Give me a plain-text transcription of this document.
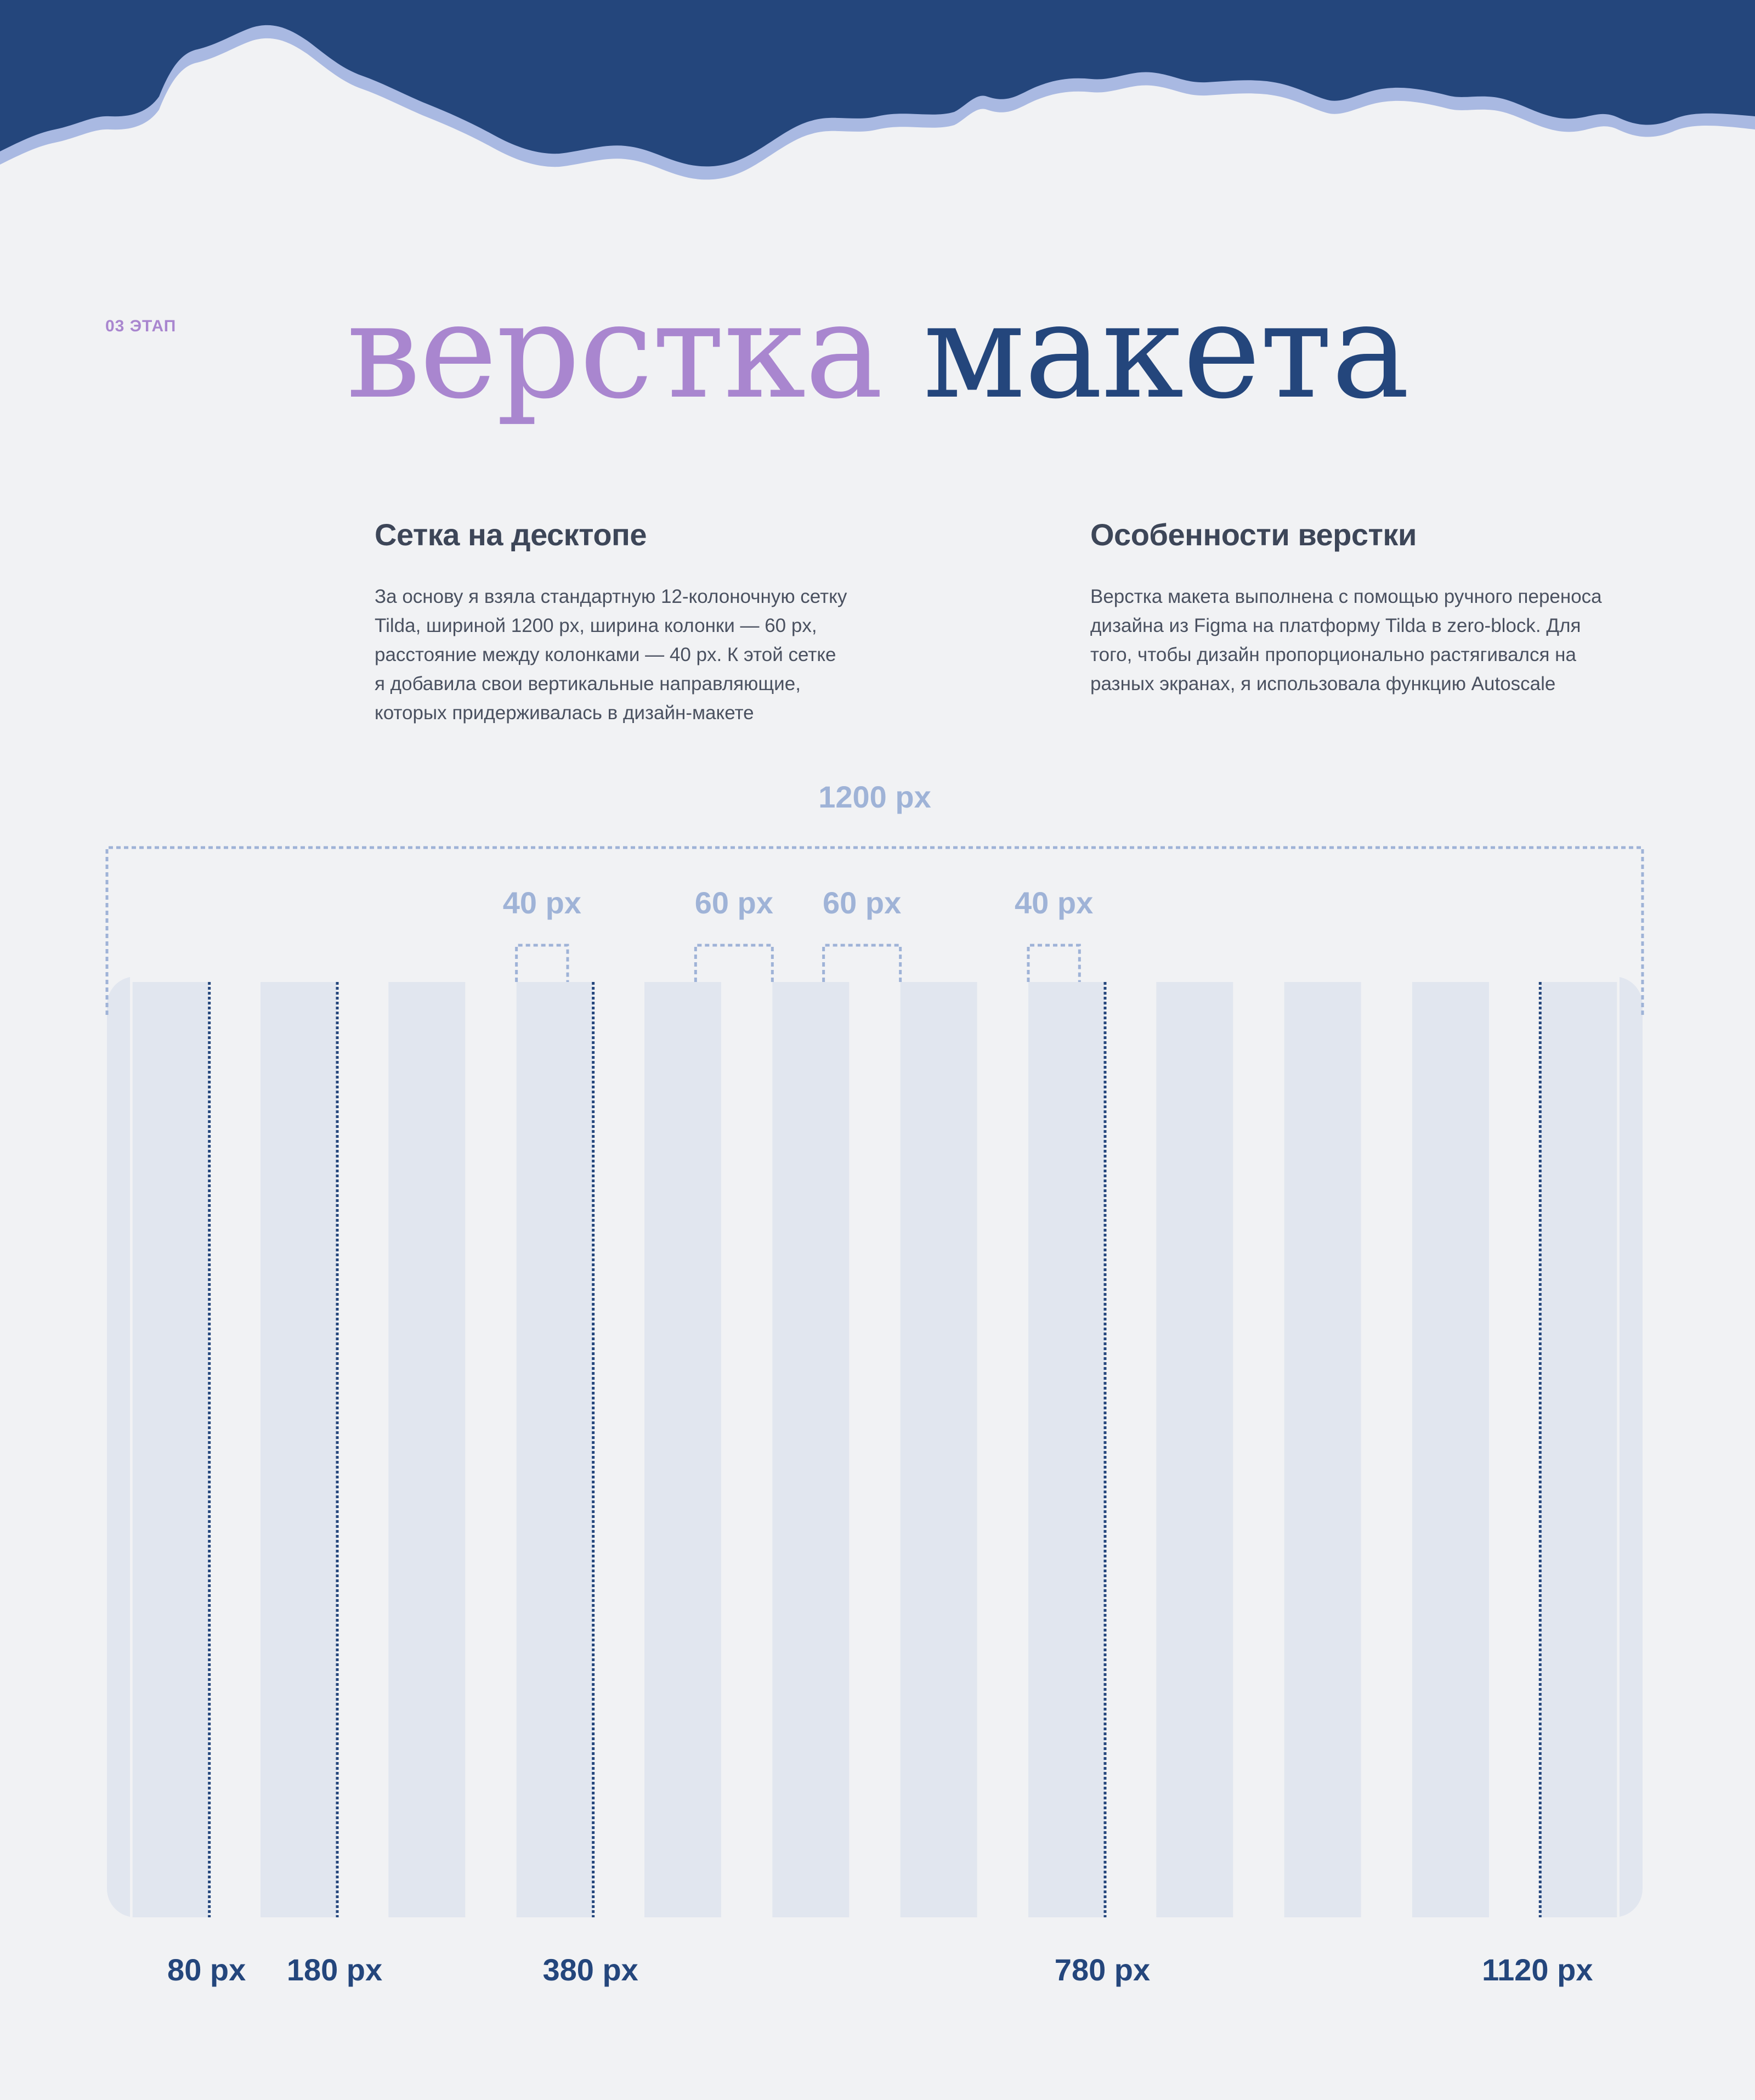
03 ЭТАП	верстка макета
Сетка на десктопе

За основу я взяла стандартную 12-колоночную сетку
Tilda, шириной 1200 px, ширина колонки — 60 px,
расстояние между колонками — 40 px. К этой сетке
я добавила свои вертикальные направляющие,
которых придерживалась в дизайн-макете

Особенности верстки

Верстка макета выполнена с помощью ручного переноса
дизайна из Figma на платформу Tilda в zero-block. Для
того, чтобы дизайн пропорционально растягивался на
разных экранах, я использовала функцию Autoscale

80 px 180 px	380 px	780 px	1120 px
1200 px
40 px	60 px 60 px	40 px
